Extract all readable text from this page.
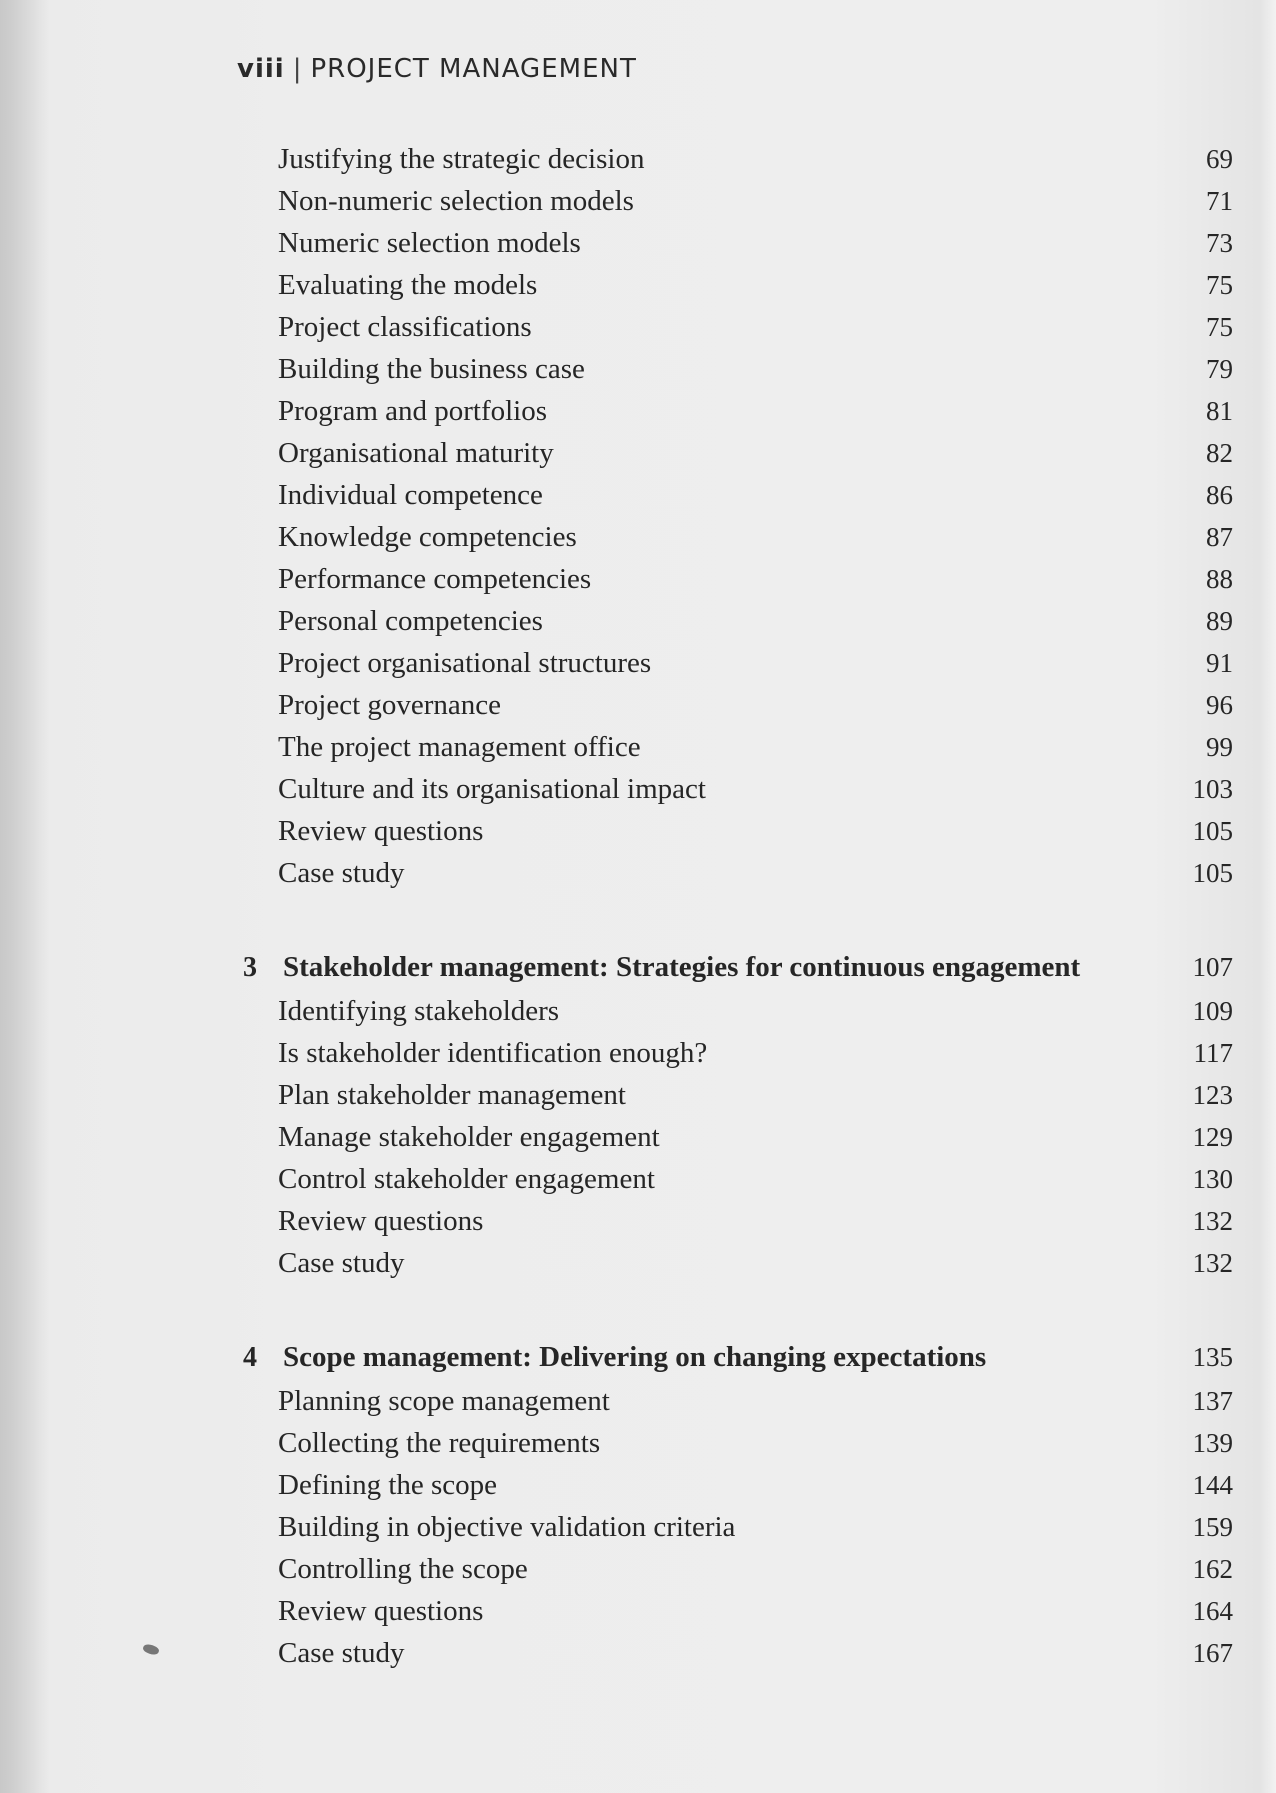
viii | PROJECT MANAGEMENT
Justifying the strategic decision	69
Non-numeric selection models	71
Numeric selection models	73
Evaluating the models	75
Project classifications	75
Building the business case	79
Program and portfolios	81
Organisational maturity	82
Individual competence	86
Knowledge competencies	87
Performance competencies	88
Personal competencies	89
Project organisational structures	91
Project governance	96
The project management office	99
Culture and its organisational impact	103
Review questions	105
Case study	105
3 Stakeholder management: Strategies for continuous engagement	107
Identifying stakeholders	109
Is stakeholder identification enough?	117
Plan stakeholder management	123
Manage stakeholder engagement	129
Control stakeholder engagement	130
Review questions	132
Case study	132
4 Scope management: Delivering on changing expectations	135
Planning scope management	137
Collecting the requirements	139
Defining the scope	144
Building in objective validation criteria	159
Controlling the scope	162
Review questions	164
Case study	167
